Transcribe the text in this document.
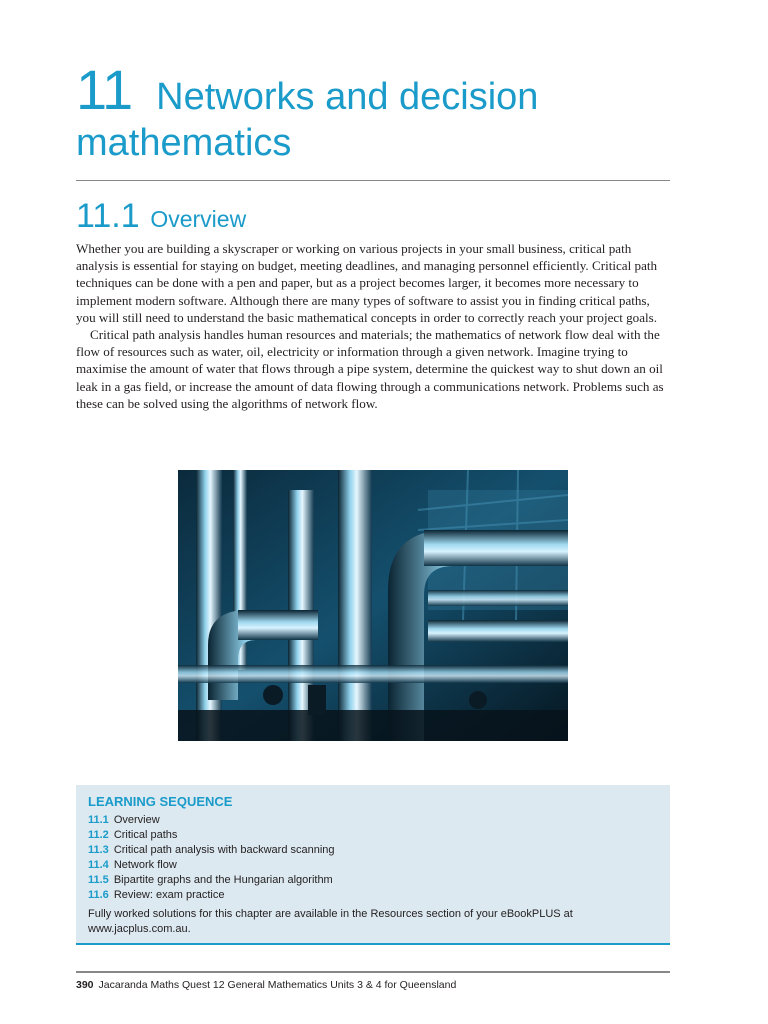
11 Networks and decision
mathematics
11.1 Overview

Whether you are building a skyscraper or working on various projects in your small business, critical path analysis is essential for staying on budget, meeting deadlines, and managing personnel efficiently. Critical path techniques can be done with a pen and paper, but as a project becomes larger, it becomes more necessary to implement modern software. Although there are many types of software to assist you in finding critical paths, you will still need to understand the basic mathematical concepts in order to correctly reach your project goals.

Critical path analysis handles human resources and materials; the mathematics of network flow deal with the flow of resources such as water, oil, electricity or information through a given network. Imagine trying to maximise the amount of water that flows through a pipe system, determine the quickest way to shut down an oil leak in a gas field, or increase the amount of data flowing through a communications network. Problems such as these can be solved using the algorithms of network flow.

LEARNING SEQUENCE
11.1 Overview
11.2 Critical paths
11.3 Critical path analysis with backward scanning
11.4 Network flow
11.5 Bipartite graphs and the Hungarian algorithm
11.6 Review: exam practice
Fully worked solutions for this chapter are available in the Resources section of your eBookPLUS at www.jacplus.com.au.
390 Jacaranda Maths Quest 12 General Mathematics Units 3 & 4 for Queensland
